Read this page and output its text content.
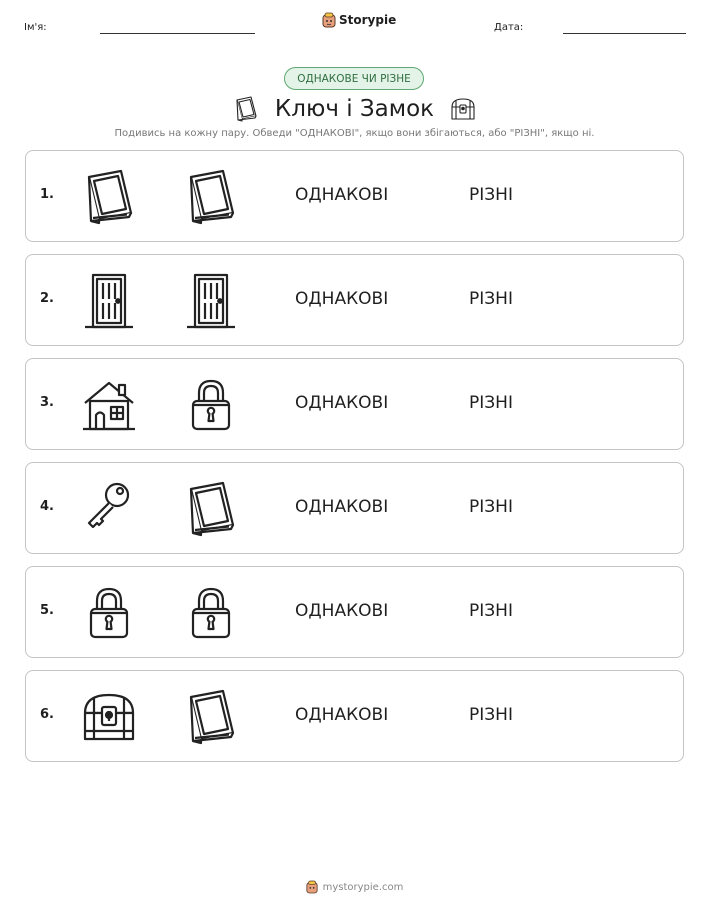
Ім'я:
Storypie
Дата:
ОДНАКОВЕ ЧИ РІЗНЕ
Ключ і Замок
Подивись на кожну пару. Обведи "ОДНАКОВІ", якщо вони збігаються, або "РІЗНІ", якщо ні.
1.	ОДНАКОВІ	РІЗНІ
2.	ОДНАКОВІ	РІЗНІ
3.	ОДНАКОВІ	РІЗНІ
4.	ОДНАКОВІ	РІЗНІ
5.	ОДНАКОВІ	РІЗНІ
6.	ОДНАКОВІ	РІЗНІ
mystorypie.com
